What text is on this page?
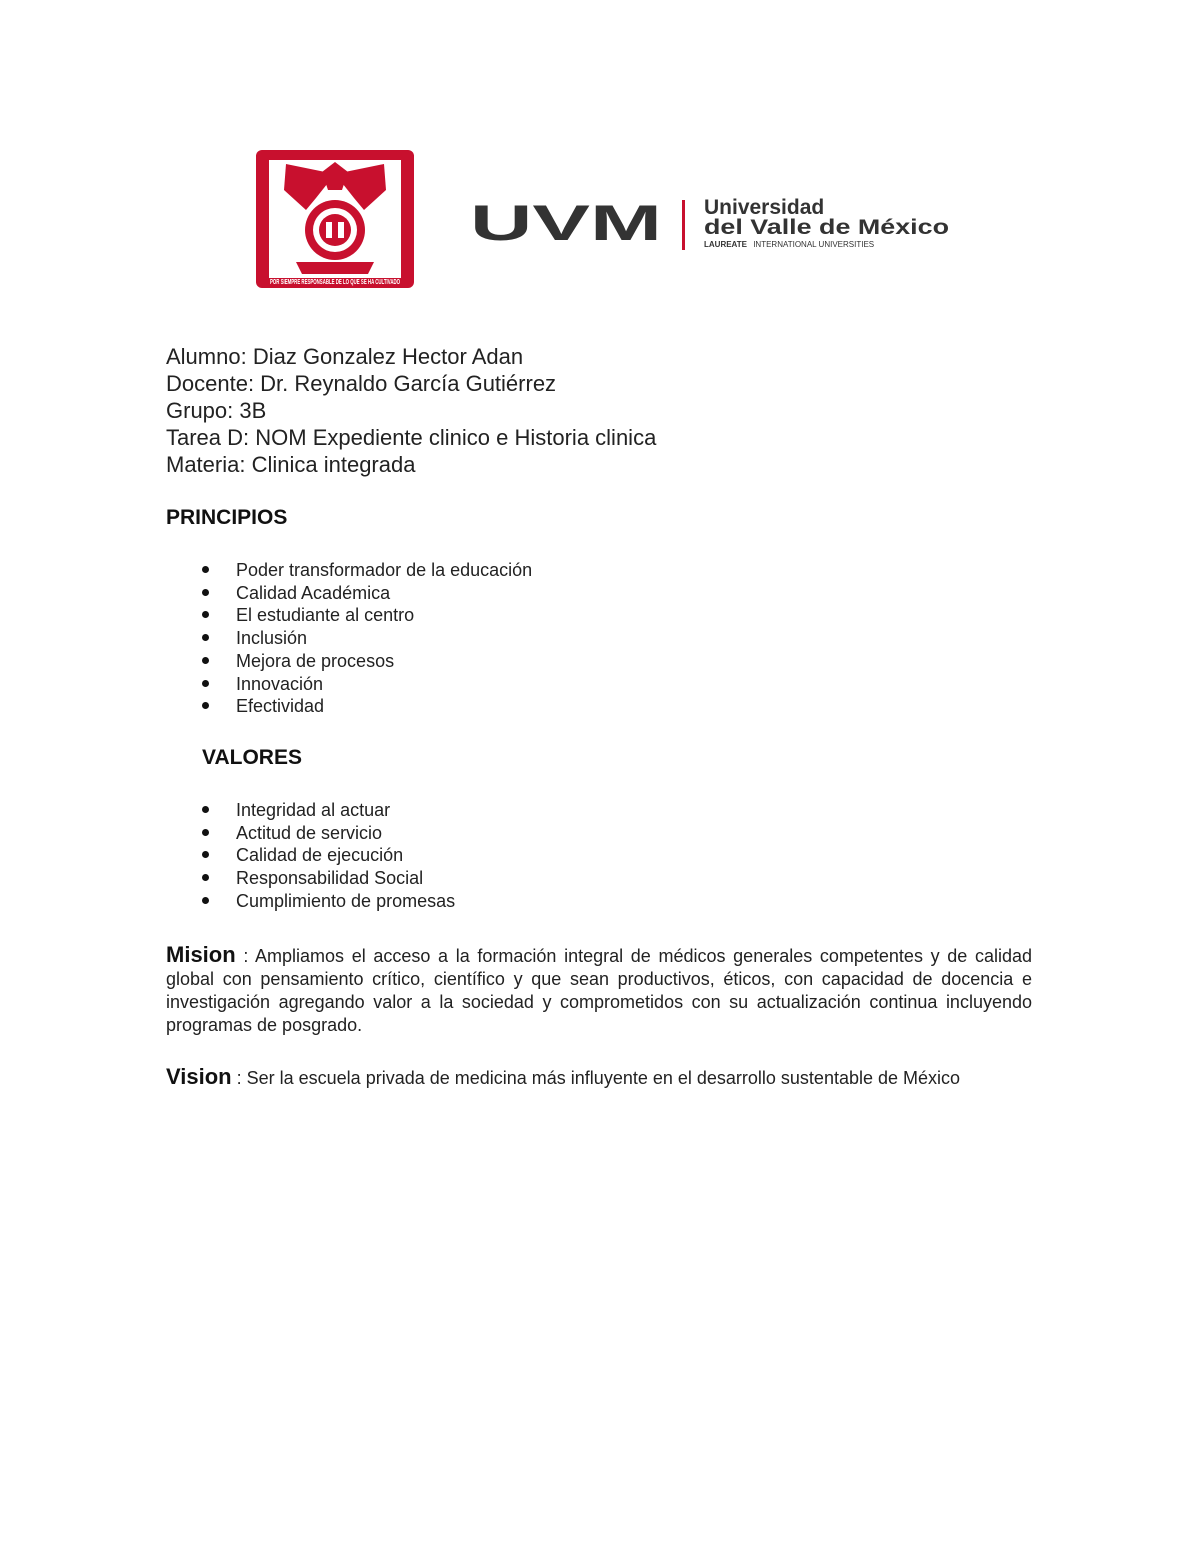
POR SIEMPRE RESPONSABLE DE LO QUE SE HA CULTIVADO
UVM Universidad
del Valle de México
LAUREATE INTERNATIONAL UNIVERSITIES
Alumno: Diaz Gonzalez Hector Adan
Docente: Dr. Reynaldo García Gutiérrez
Grupo: 3B
Tarea D: NOM Expediente clinico e Historia clinica
Materia: Clinica integrada
PRINCIPIOS
Poder transformador de la educación
Calidad Académica
El estudiante al centro
Inclusión
Mejora de procesos
Innovación
Efectividad
VALORES
Integridad al actuar
Actitud de servicio
Calidad de ejecución
Responsabilidad Social
Cumplimiento de promesas
Mision : Ampliamos el acceso a la formación integral de médicos generales competentes y de calidad global con pensamiento crítico, científico y que sean productivos, éticos, con capacidad de docencia e investigación agregando valor a la sociedad y comprometidos con su actualización continua incluyendo programas de posgrado.
Vision : Ser la escuela privada de medicina más influyente en el desarrollo sustentable de México
